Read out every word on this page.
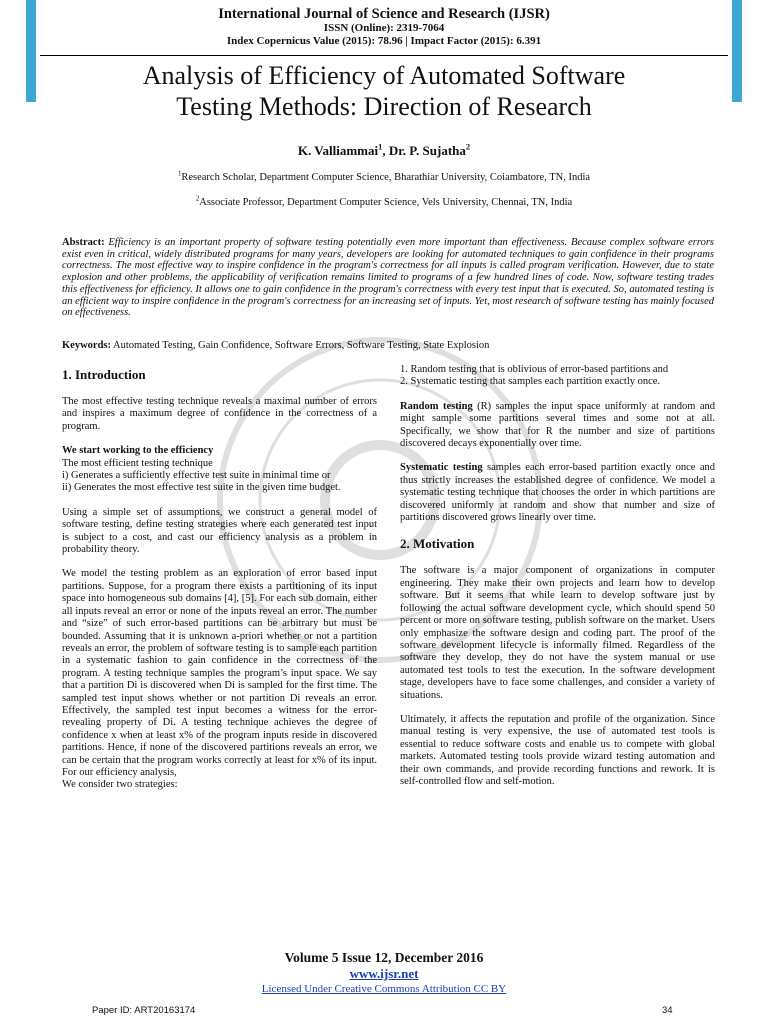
International Journal of Science and Research (IJSR)
ISSN (Online): 2319-7064
Index Copernicus Value (2015): 78.96 | Impact Factor (2015): 6.391
Analysis of Efficiency of Automated Software
Testing Methods: Direction of Research
K. Valliammai$^1$, Dr. P. Sujatha$^2$
$^1$Research Scholar, Department Computer Science, Bharathiar University, Coiambatore, TN, India
$^2$Associate Professor, Department Computer Science, Vels University, Chennai, TN, India
Abstract: Efficiency is an important property of software testing potentially even more important than effectiveness. Because complex software errors exist even in critical, widely distributed programs for many years, developers are looking for automated techniques to gain confidence in their programs correctness. The most effective way to inspire confidence in the program's correctness for all inputs is called program verification. However, due to state explosion and other problems, the applicability of verification remains limited to programs of a few hundred lines of code. Now, software testing trades this effectiveness for efficiency. It allows one to gain confidence in the program's correctness with every test input that is executed. So, automated testing is an efficient way to inspire confidence in the program's correctness for an increasing set of inputs. Yet, most research of software testing has mainly focused on effectiveness.
Keywords: Automated Testing, Gain Confidence, Software Errors, Software Testing, State Explosion
1. Introduction

The most effective testing technique reveals a maximal number of errors and inspires a maximum degree of confidence in the correctness of a program.

We start working to the efficiency
The most efficient testing technique
i) Generates a sufficiently effective test suite in minimal time or

ii) Generates the most effective test suite in the given time budget.

Using a simple set of assumptions, we construct a general model of software testing, define testing strategies where each generated test input is subject to a cost, and cast our efficiency analysis as a problem in probability theory.

We model the testing problem as an exploration of error based input partitions. Suppose, for a program there exists a partitioning of its input space into homogeneous sub domains [4], [5]. For each sub domain, either all inputs reveal an error or none of the inputs reveal an error. The number and “size” of such error-based partitions can be arbitrary but must be bounded. Assuming that it is unknown a-priori whether or not a partition reveals an error, the problem of software testing is to sample each partition in a systematic fashion to gain confidence in the correctness of the program. A testing technique samples the program’s input space. We say that a partition Di is discovered when Di is sampled for the first time. The sampled test input shows whether or not partition Di reveals an error. Effectively, the sampled test input becomes a witness for the error-revealing property of Di. A testing technique achieves the degree of confidence x when at least x% of the program inputs reside in discovered partitions. Hence, if none of the discovered partitions reveals an error, we can be certain that the program works correctly at least for x% of its input. For our efficiency analysis,
We consider two strategies:
1. Random testing that is oblivious of error-based partitions and

2. Systematic testing that samples each partition exactly once.

Random testing (R) samples the input space uniformly at random and might sample some partitions several times and some not at all. Specifically, we show that for R the number and size of partitions discovered decays exponentially over time.

Systematic testing samples each error-based partition exactly once and thus strictly increases the established degree of confidence. We model a systematic testing technique that chooses the order in which partitions are discovered uniformly at random and show that number and size of partitions discovered grows linearly over time.

2. Motivation

The software is a major component of organizations in computer engineering. They make their own projects and learn how to develop software. But it seems that while learn to develop software just by following the actual software development cycle, which should spend 50 percent or more on software testing, publish software on the market. Users only emphasize the software design and coding part. The proof of the software development lifecycle is informally filmed. Regardless of the software they develop, they do not have the system manual or use automated test tools to test the execution. In the software development stage, developers have to face some challenges, and consider a variety of situations.

Ultimately, it affects the reputation and profile of the organization. Since manual testing is very expensive, the use of automated test tools is essential to reduce software costs and enable us to compete with global markets. Automated testing tools provide wizard testing automation and their own commands, and provide recording functions and rework. It is self-controlled flow and self-motion.

Volume 5 Issue 12, December 2016
www.ijsr.net
Licensed Under Creative Commons Attribution CC BY
Paper ID: ART20163174	34
